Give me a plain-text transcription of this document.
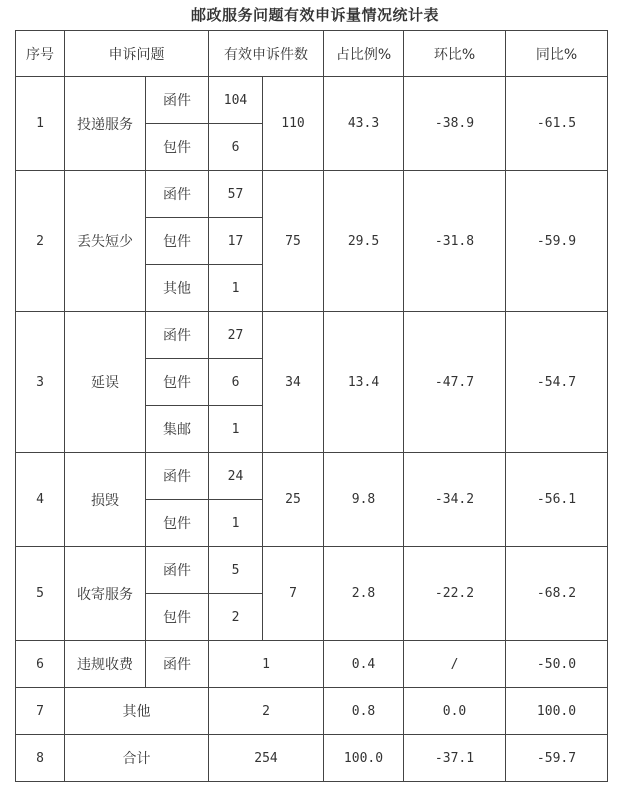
邮政服务问题有效申诉量情况统计表
序号	申诉问题		有效申诉件数		占比例%	环比%	同比%
1	投递服务	函件	104	110	43.3	-38.9	-61.5
		包件	6				
2	丢失短少	函件	57	75	29.5	-31.8	-59.9
		包件	17				
		其他	1				
3	延误	函件	27	34	13.4	-47.7	-54.7
		包件	6				
		集邮	1				
4	损毁	函件	24	25	9.8	-34.2	-56.1
		包件	1				
5	收寄服务	函件	5	7	2.8	-22.2	-68.2
		包件	2				
6	违规收费	函件	1		0.4	/	-50.0
7	其他		2		0.8	0.0	100.0
8	合计		254		100.0	-37.1	-59.7
